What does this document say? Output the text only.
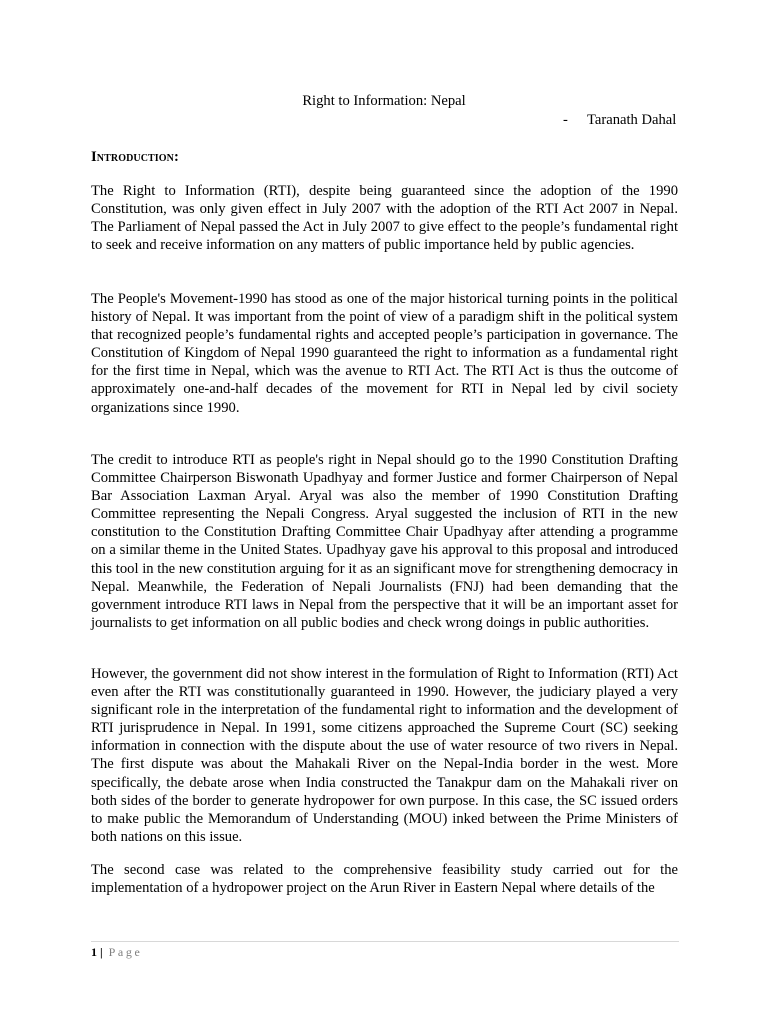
Right to Information: Nepal
- Taranath Dahal
Introduction:

The Right to Information (RTI), despite being guaranteed since the adoption of the 1990 Constitution, was only given effect in July 2007 with the adoption of the RTI Act 2007 in Nepal. The Parliament of Nepal passed the Act in July 2007 to give effect to the people’s fundamental right to seek and receive information on any matters of public importance held by public agencies.

The People's Movement-1990 has stood as one of the major historical turning points in the political history of Nepal. It was important from the point of view of a paradigm shift in the political system that recognized people’s fundamental rights and accepted people’s participation in governance. The Constitution of Kingdom of Nepal 1990 guaranteed the right to information as a fundamental right for the first time in Nepal, which was the avenue to RTI Act. The RTI Act is thus the outcome of approximately one-and-half decades of the movement for RTI in Nepal led by civil society organizations since 1990.

The credit to introduce RTI as people's right in Nepal should go to the 1990 Constitution Drafting Committee Chairperson Biswonath Upadhyay and former Justice and former Chairperson of Nepal Bar Association Laxman Aryal. Aryal was also the member of 1990 Constitution Drafting Committee representing the Nepali Congress. Aryal suggested the inclusion of RTI in the new constitution to the Constitution Drafting Committee Chair Upadhyay after attending a programme on a similar theme in the United States. Upadhyay gave his approval to this proposal and introduced this tool in the new constitution arguing for it as an significant move for strengthening democracy in Nepal. Meanwhile, the Federation of Nepali Journalists (FNJ) had been demanding that the government introduce RTI laws in Nepal from the perspective that it will be an important asset for journalists to get information on all public bodies and check wrong doings in public authorities.

However, the government did not show interest in the formulation of Right to Information (RTI) Act even after the RTI was constitutionally guaranteed in 1990. However, the judiciary played a very significant role in the interpretation of the fundamental right to information and the development of RTI jurisprudence in Nepal. In 1991, some citizens approached the Supreme Court (SC) seeking information in connection with the dispute about the use of water resource of two rivers in Nepal. The first dispute was about the Mahakali River on the Nepal-India border in the west. More specifically, the debate arose when India constructed the Tanakpur dam on the Mahakali river on both sides of the border to generate hydropower for own purpose. In this case, the SC issued orders to make public the Memorandum of Understanding (MOU) inked between the Prime Ministers of both nations on this issue.

The second case was related to the comprehensive feasibility study carried out for the implementation of a hydropower project on the Arun River in Eastern Nepal where details of the

1 | Page
